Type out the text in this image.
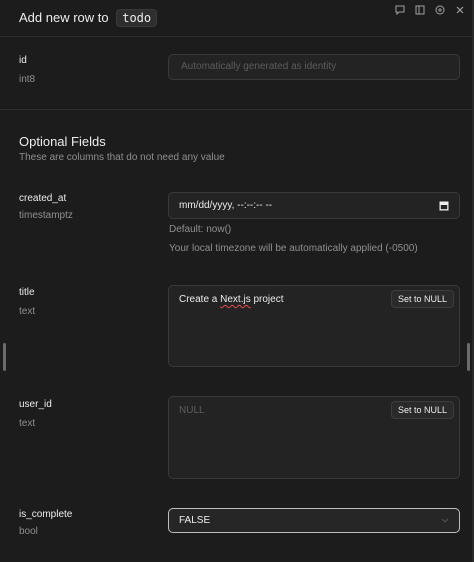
Add new row to todo
id
int8
Automatically generated as identity
Optional Fields
These are columns that do not need any value
created_at
timestamptz
mm/dd/yyyy, --:--:-- --
Default: now()
Your local timezone will be automatically applied (-0500)
title
text
Create a Next.js project	Set to NULL
user_id
text
NULL	Set to NULL
is_complete
bool
FALSE
